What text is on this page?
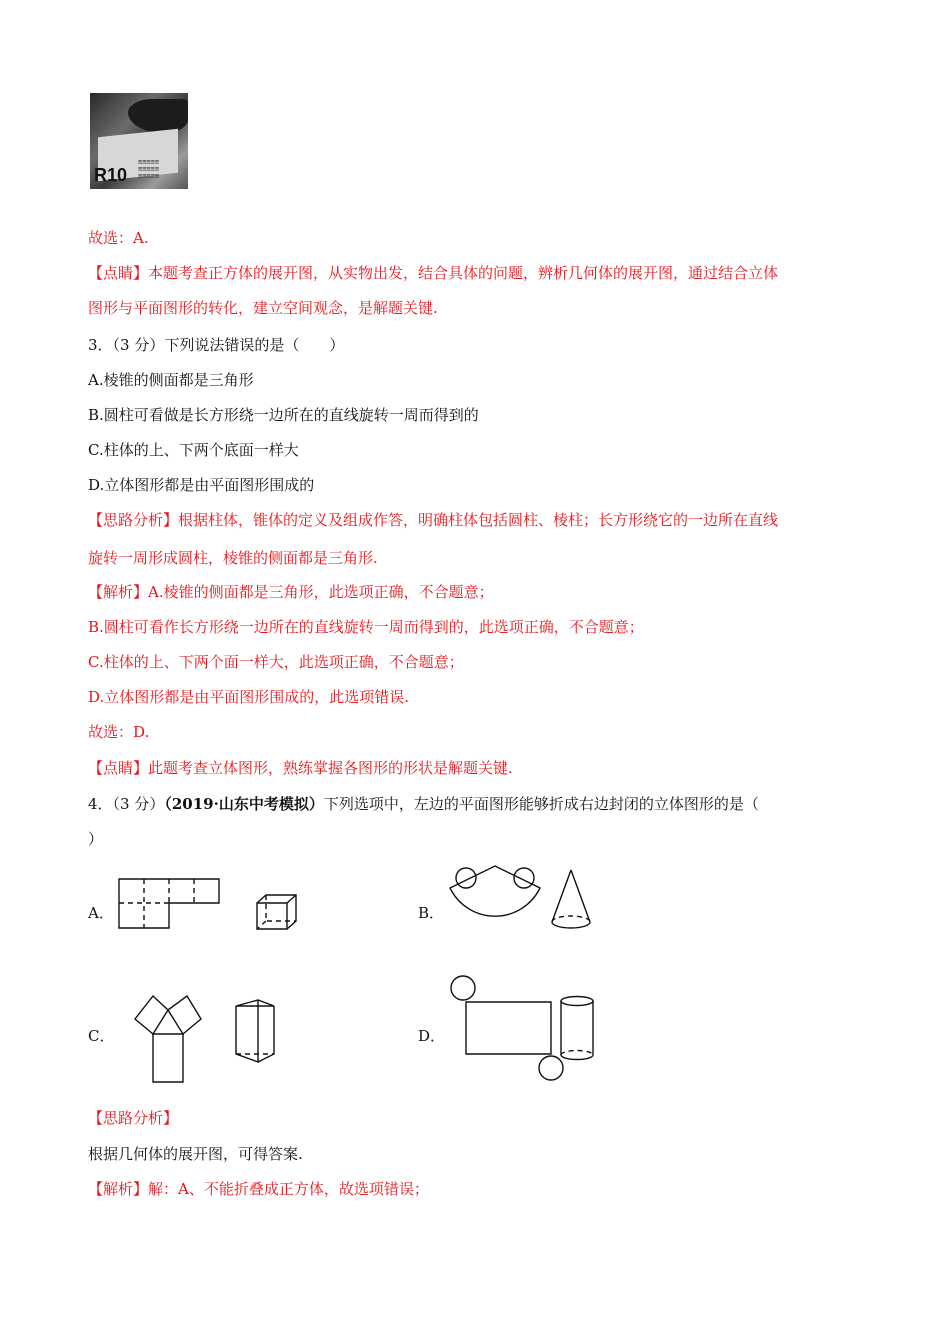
≡≡≡≡≡
≡≡≡≡≡
≡≡≡≡≡
R10
故选：A.
【点睛】本题考查正方体的展开图，从实物出发，结合具体的问题，辨析几何体的展开图，通过结合立体
图形与平面图形的转化，建立空间观念，是解题关键.
3．（3 分）下列说法错误的是（　　）
A.棱锥的侧面都是三角形
B.圆柱可看做是长方形绕一边所在的直线旋转一周而得到的
C.柱体的上、下两个底面一样大
D.立体图形都是由平面图形围成的
【思路分析】根据柱体，锥体的定义及组成作答，明确柱体包括圆柱、棱柱；长方形绕它的一边所在直线
旋转一周形成圆柱，棱锥的侧面都是三角形.
【解析】A.棱锥的侧面都是三角形，此选项正确，不合题意；
B.圆柱可看作长方形绕一边所在的直线旋转一周而得到的，此选项正确，不合题意；
C.柱体的上、下两个面一样大，此选项正确，不合题意；
D.立体图形都是由平面图形围成的，此选项错误.
故选：D.
【点睛】此题考查立体图形，熟练掌握各图形的形状是解题关键.
4．（3 分）（2019·山东中考模拟）下列选项中，左边的平面图形能够折成右边封闭的立体图形的是（
）
A．	B．
C．	D．
【思路分析】
根据几何体的展开图，可得答案.
【解析】解：A、不能折叠成正方体，故选项错误；
